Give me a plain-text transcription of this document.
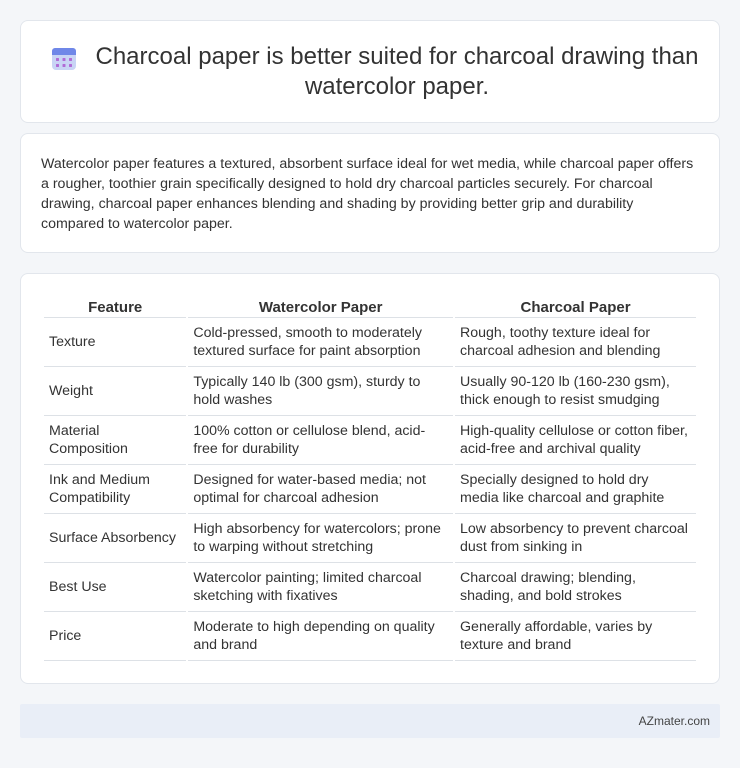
Charcoal paper is better suited for charcoal drawing than watercolor paper.

Watercolor paper features a textured, absorbent surface ideal for wet media, while charcoal paper offers a rougher, toothier grain specifically designed to hold dry charcoal particles securely. For charcoal drawing, charcoal paper enhances blending and shading by providing better grip and durability compared to watercolor paper.

Feature	Watercolor Paper	Charcoal Paper
Texture	Cold-pressed, smooth to moderately textured surface for paint absorption	Rough, toothy texture ideal for charcoal adhesion and blending
Weight	Typically 140 lb (300 gsm), sturdy to hold washes	Usually 90-120 lb (160-230 gsm), thick enough to resist smudging
Material Composition	100% cotton or cellulose blend, acid-free for durability	High-quality cellulose or cotton fiber, acid-free and archival quality
Ink and Medium Compatibility	Designed for water-based media; not optimal for charcoal adhesion	Specially designed to hold dry media like charcoal and graphite
Surface Absorbency	High absorbency for watercolors; prone to warping without stretching	Low absorbency to prevent charcoal dust from sinking in
Best Use	Watercolor painting; limited charcoal sketching with fixatives	Charcoal drawing; blending, shading, and bold strokes
Price	Moderate to high depending on quality and brand	Generally affordable, varies by texture and brand
AZmater.com
